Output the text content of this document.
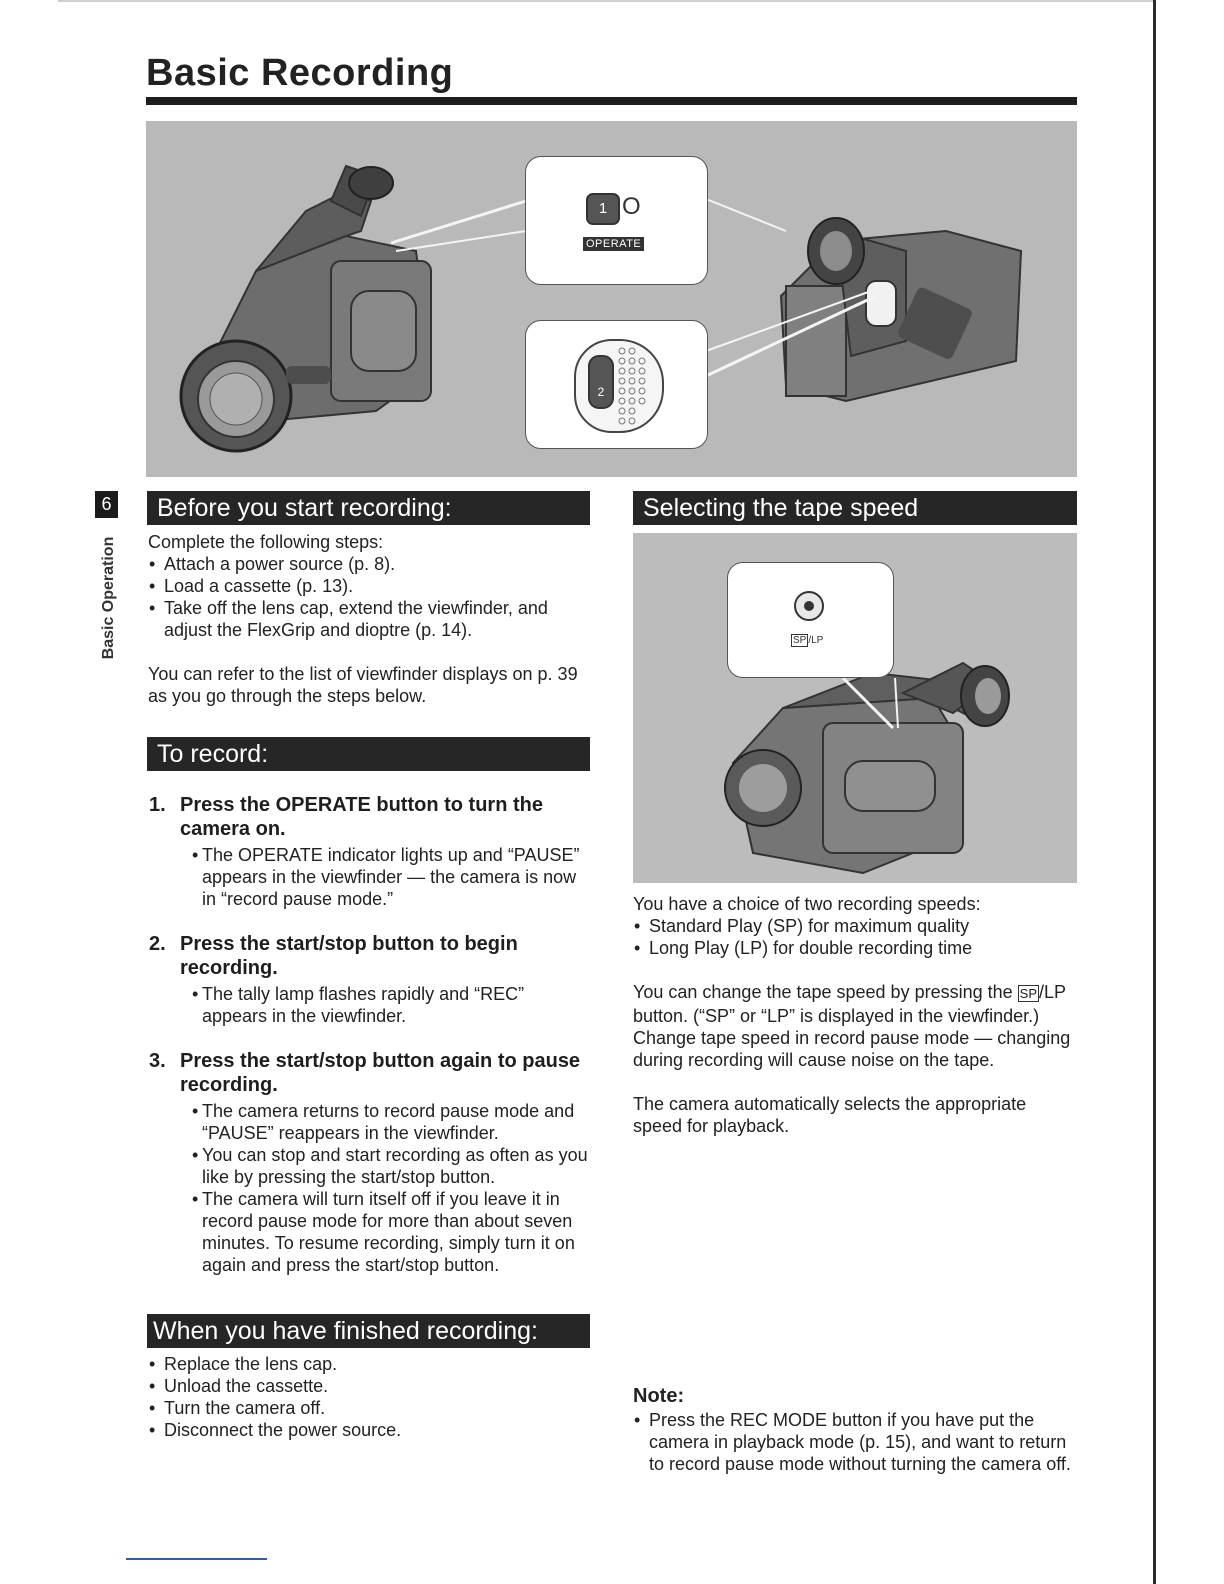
Basic Recording
1 O
OPERATE
2
6
Basic Operation
Before you start recording:

Complete the following steps:

• Attach a power source (p. 8).
• Load a cassette (p. 13).
• Take off the lens cap, extend the viewfinder, and adjust the FlexGrip and dioptre (p. 14).

You can refer to the list of viewfinder displays on p. 39 as you go through the steps below.

To record:
1. Press the OPERATE button to turn the camera on.
• The OPERATE indicator lights up and “PAUSE” appears in the viewfinder — the camera is now in “record pause mode.”
2. Press the start/stop button to begin recording.
• The tally lamp flashes rapidly and “REC” appears in the viewfinder.
3. Press the start/stop button again to pause recording.
• The camera returns to record pause mode and “PAUSE” reappears in the viewfinder.
• You can stop and start recording as often as you like by pressing the start/stop button.
• The camera will turn itself off if you leave it in record pause mode for more than about seven minutes. To resume recording, simply turn it on again and press the start/stop button.
When you have finished recording:
• Replace the lens cap.
• Unload the cassette.
• Turn the camera off.
• Disconnect the power source.
Selecting the tape speed
SP /LP

You have a choice of two recording speeds:

• Standard Play (SP) for maximum quality
• Long Play (LP) for double recording time

You can change the tape speed by pressing the SP /LP button. (“SP” or “LP” is displayed in the viewfinder.) Change tape speed in record pause mode — changing during recording will cause noise on the tape.

The camera automatically selects the appropriate speed for playback.

Note:
• Press the REC MODE button if you have put the camera in playback mode (p. 15), and want to return to record pause mode without turning the camera off.
